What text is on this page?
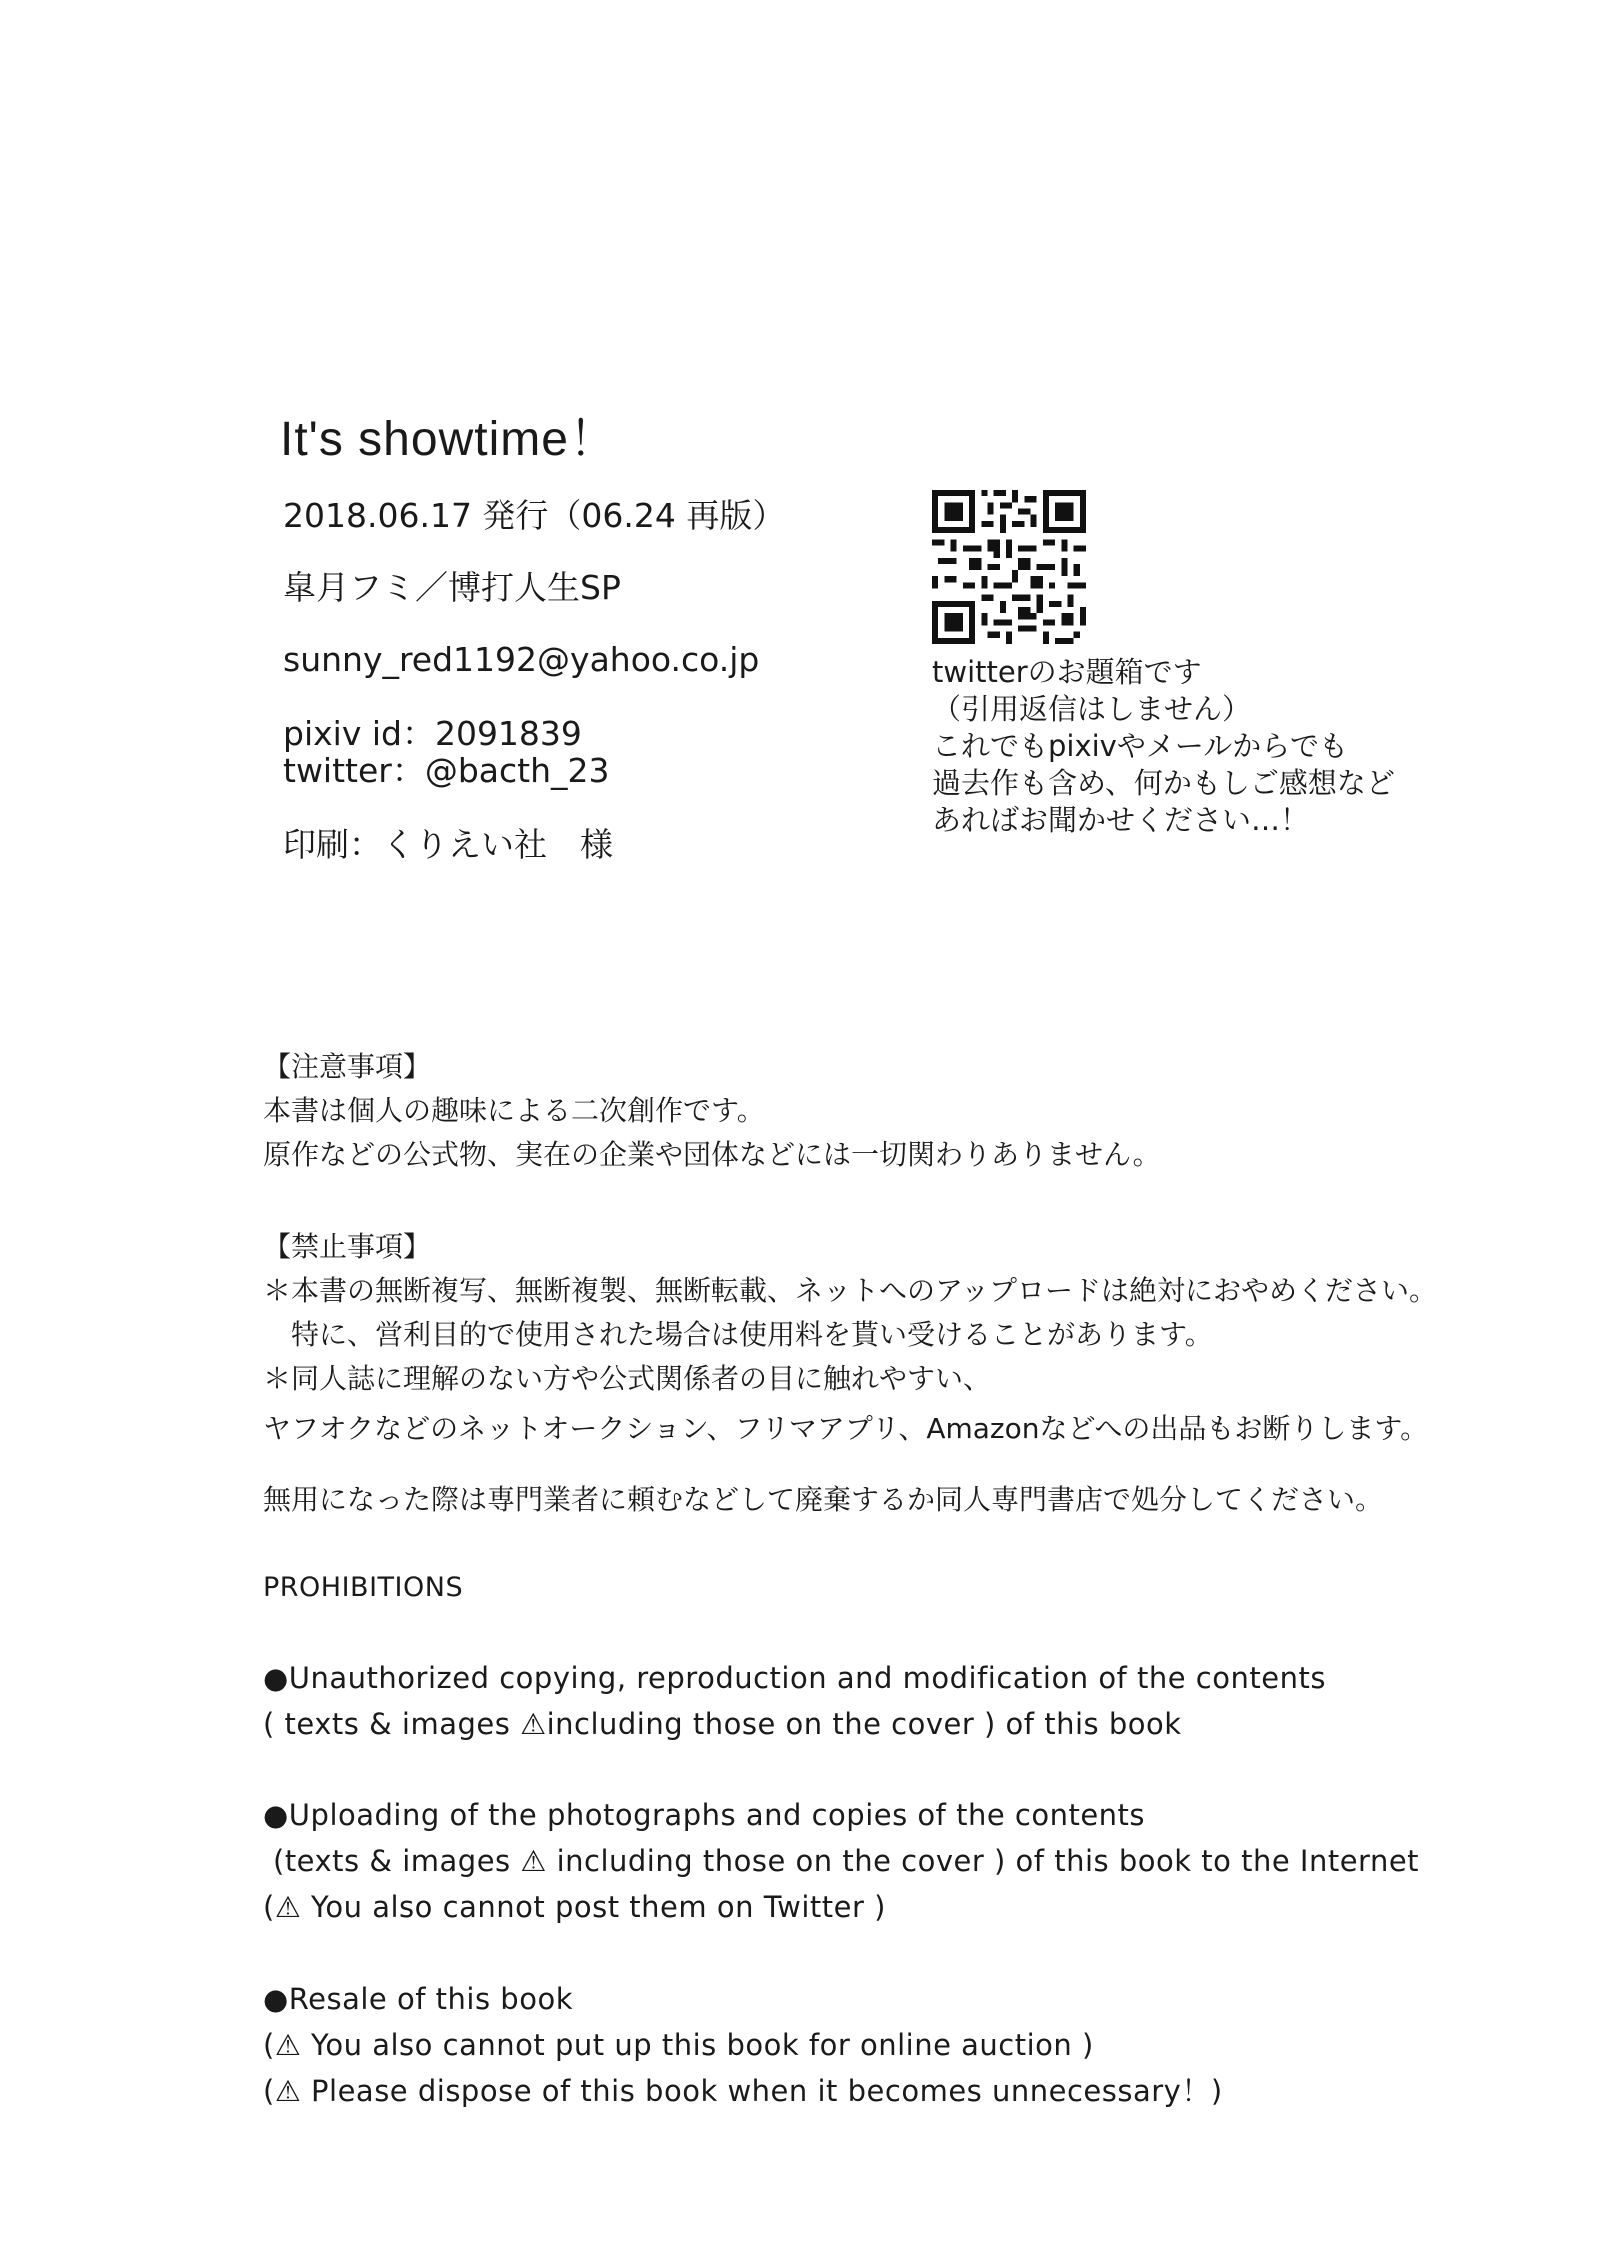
It's showtime！
2018.06.17 発行（06.24 再版）
皐月フミ／博打人生SP
sunny_red1192@yahoo.co.jp
pixiv id：2091839
twitter：@bacth_23
印刷：くりえい社　様
twitterのお題箱です
（引用返信はしません）
これでもpixivやメールからでも
過去作も含め、何かもしご感想など
あればお聞かせください…！
【注意事項】
本書は個人の趣味による二次創作です。
原作などの公式物、実在の企業や団体などには一切関わりありません。
【禁止事項】
＊本書の無断複写、無断複製、無断転載、ネットへのアップロードは絶対におやめください。
特に、営利目的で使用された場合は使用料を貰い受けることがあります。
＊同人誌に理解のない方や公式関係者の目に触れやすい、
ヤフオクなどのネットオークション、フリマアプリ、Amazonなどへの出品もお断りします。
無用になった際は専門業者に頼むなどして廃棄するか同人専門書店で処分してください。
PROHIBITIONS
●Unauthorized copying, reproduction and modification of the contents
( texts & images ⚠including those on the cover ) of this book
●Uploading of the photographs and copies of the contents
(texts & images ⚠ including those on the cover ) of this book to the Internet
(⚠ You also cannot post them on Twitter )
●Resale of this book
(⚠ You also cannot put up this book for online auction )
(⚠ Please dispose of this book when it becomes unnecessary！)
